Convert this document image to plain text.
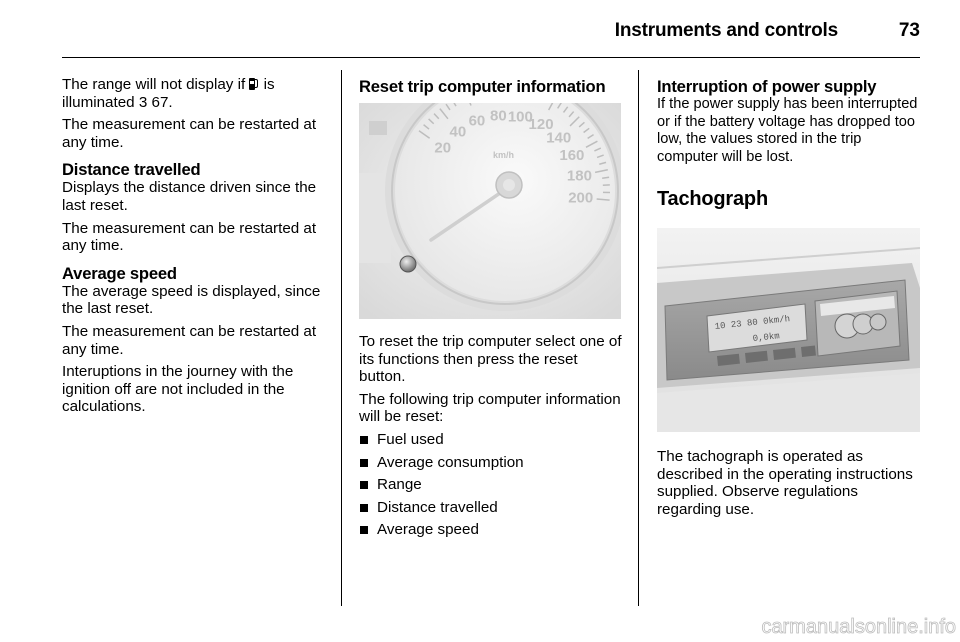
Instruments and controls	73

The range will not display if is
illuminated 3 67.

The measurement can be restarted at any time.

Distance travelled

Displays the distance driven since the last reset.

The measurement can be restarted at any time.

Average speed

The average speed is displayed, since the last reset.

The measurement can be restarted at any time.

Interuptions in the journey with the ignition off are not included in the calculations.

Reset trip computer information
20
40
60 80 100
120
140
160
180
200
km/h

To reset the trip computer select one of its functions then press the reset button.

The following trip computer information will be reset:

Fuel used
Average consumption
Range
Distance travelled
Average speed
Interruption of power supply

If the power supply has been interrupted or if the battery voltage has dropped too low, the values stored in the trip computer will be lost.

Tachograph
10 23 80 0km/h
0,0km

The tachograph is operated as described in the operating instructions supplied. Observe regulations regarding use.

carmanualsonline.info
